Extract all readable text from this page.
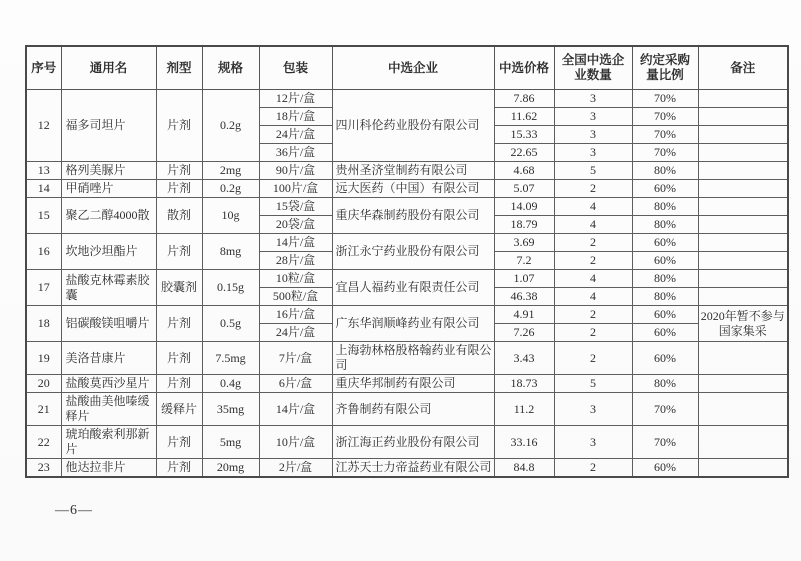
序号	通用名	剂型	规格	包装	中选企业	中选价格	全国中选企业数量	约定采购量比例	备注
12	福多司坦片	片剂	0.2g	12片/盒	四川科伦药业股份有限公司	7.86	3	70%	
				18片/盒		11.62	3	70%	
				24片/盒		15.33	3	70%	
				36片/盒		22.65	3	70%	
13	格列美脲片	片剂	2mg	90片/盒	贵州圣济堂制药有限公司	4.68	5	80%	
14	甲硝唑片	片剂	0.2g	100片/盒	远大医药（中国）有限公司	5.07	2	60%	
15	聚乙二醇4000散	散剂	10g	15袋/盒	重庆华森制药股份有限公司	14.09	4	80%	
				20袋/盒		18.79	4	80%	
16	坎地沙坦酯片	片剂	8mg	14片/盒	浙江永宁药业股份有限公司	3.69	2	60%	
				28片/盒		7.2	2	60%	
17	盐酸克林霉素胶囊	胶囊剂	0.15g	10粒/盒	宜昌人福药业有限责任公司	1.07	4	80%	
				500粒/盒		46.38	4	80%	
18	铝碳酸镁咀嚼片	片剂	0.5g	16片/盒	广东华润顺峰药业有限公司	4.91	2	60%	2020年暂不参与国家集采
				24片/盒		7.26	2	60%	
19	美洛昔康片	片剂	7.5mg	7片/盒	上海勃林格殷格翰药业有限公司	3.43	2	60%	
20	盐酸莫西沙星片	片剂	0.4g	6片/盒	重庆华邦制药有限公司	18.73	5	80%	
21	盐酸曲美他嗪缓释片	缓释片	35mg	14片/盒	齐鲁制药有限公司	11.2	3	70%	
22	琥珀酸索利那新片	片剂	5mg	10片/盒	浙江海正药业股份有限公司	33.16	3	70%	
23	他达拉非片	片剂	20mg	2片/盒	江苏天士力帝益药业有限公司	84.8	2	60%	
—6—
